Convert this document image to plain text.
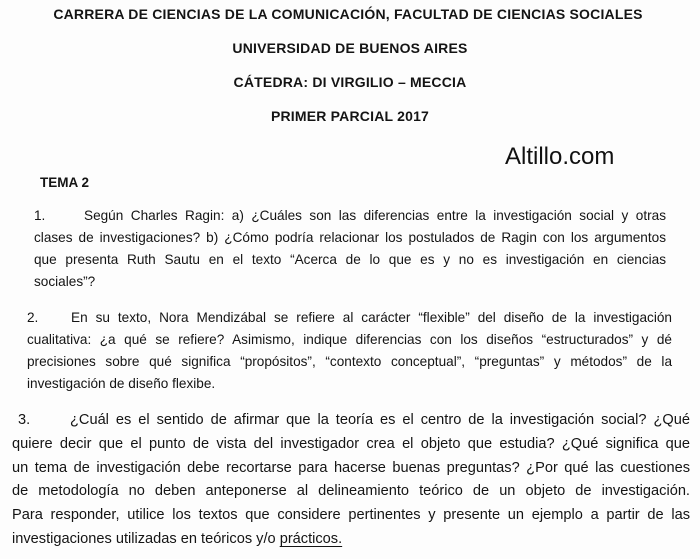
CARRERA DE CIENCIAS DE LA COMUNICACIÓN, FACULTAD DE CIENCIAS SOCIALES
UNIVERSIDAD DE BUENOS AIRES
CÁTEDRA: DI VIRGILIO – MECCIA
PRIMER PARCIAL 2017
Altillo.com
TEMA 2
1.	Según Charles Ragin: a) ¿Cuáles son las diferencias entre la investigación social y otras
clases de investigaciones? b) ¿Cómo podría relacionar los postulados de Ragin con los argumentos
que presenta Ruth Sautu en el texto “Acerca de lo que es y no es investigación en ciencias
sociales”?
2. En su texto, Nora Mendizábal se refiere al carácter “flexible” del diseño de la investigación
cualitativa: ¿a qué se refiere? Asimismo, indique diferencias con los diseños “estructurados” y dé
precisiones sobre qué significa “propósitos”, “contexto conceptual”, “preguntas” y métodos” de la
investigación de diseño flexibe.
3.	¿Cuál es el sentido de afirmar que la teoría es el centro de la investigación social? ¿Qué
quiere decir que el punto de vista del investigador crea el objeto que estudia? ¿Qué significa que
un tema de investigación debe recortarse para hacerse buenas preguntas? ¿Por qué las cuestiones
de metodología no deben anteponerse al delineamiento teórico de un objeto de investigación.
Para responder, utilice los textos que considere pertinentes y presente un ejemplo a partir de las
investigaciones utilizadas en teóricos y/o prácticos.
